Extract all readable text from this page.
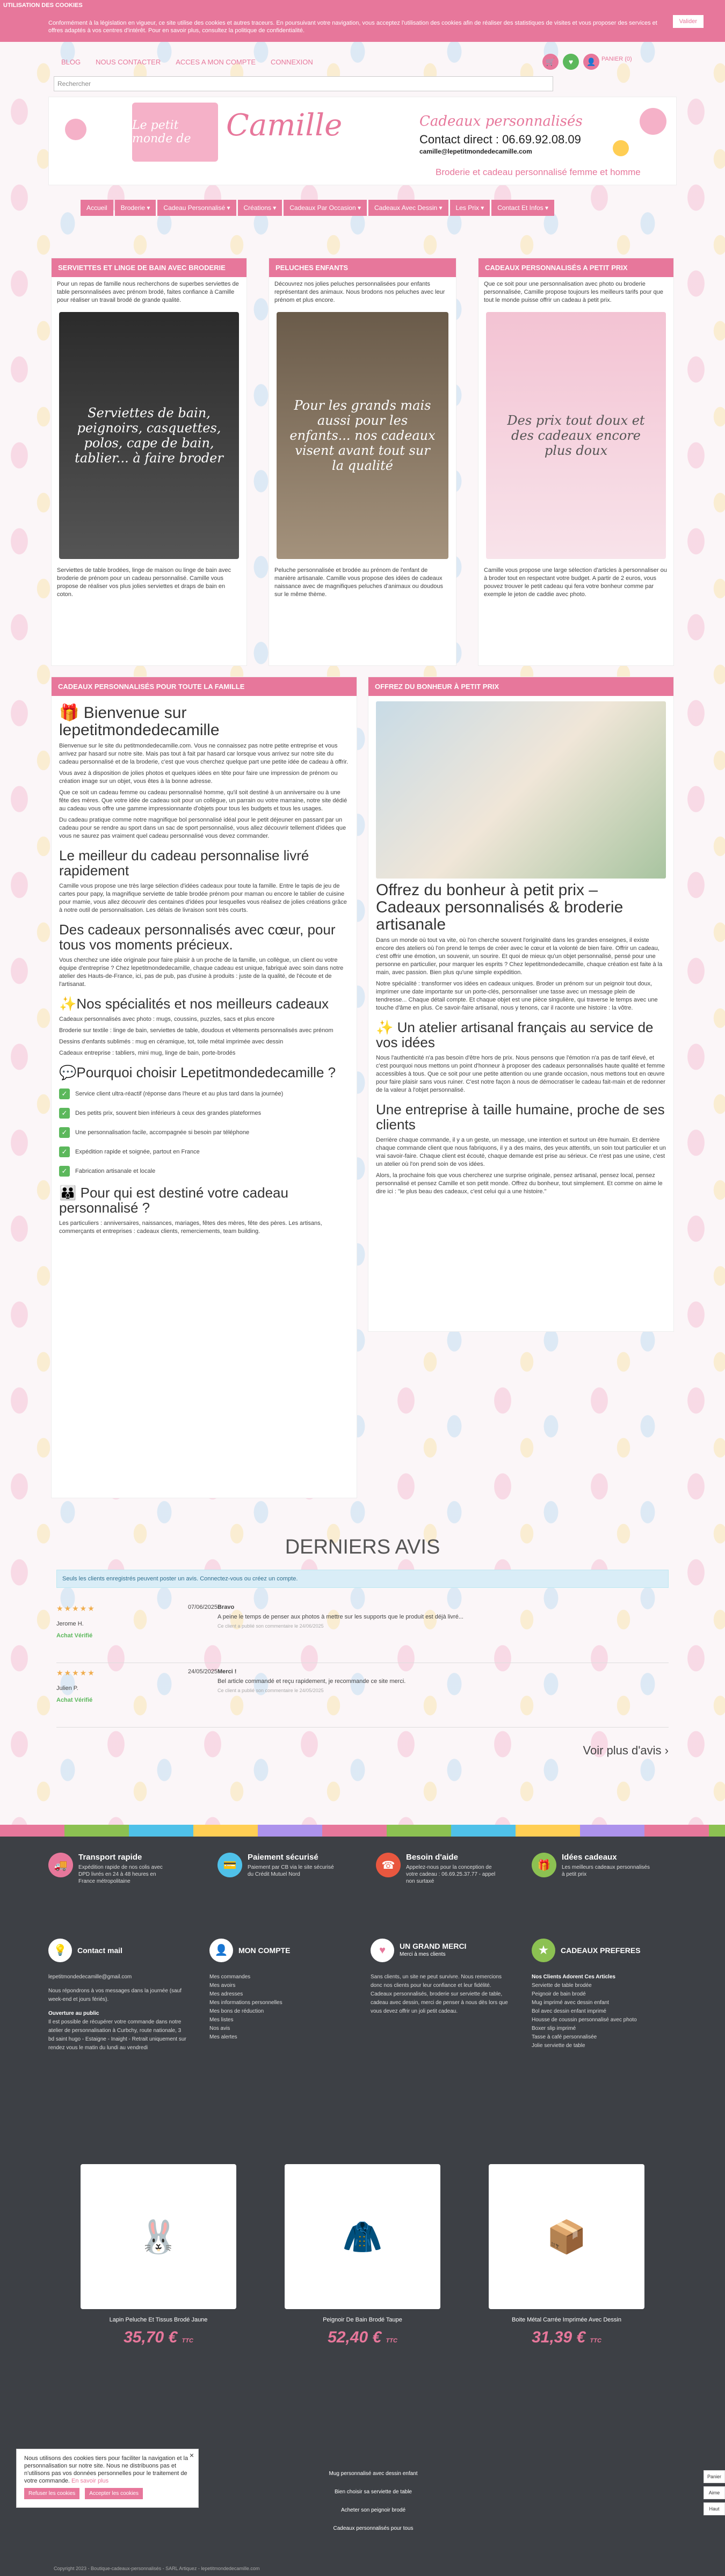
UTILISATION DES COOKIES

Conformément à la législation en vigueur, ce site utilise des cookies et autres traceurs. En poursuivant votre navigation, vous acceptez l'utilisation des cookies afin de réaliser des statistiques de visites et vous proposer des services et offres adaptés à vos centres d'intérêt. Pour en savoir plus, consultez la politique de confidentialité.

Valider
BLOG	NOUS CONTACTER	ACCES A MON COMPTE	CONNEXION	🛒	♥	👤 PANIER (0)
Rechercher
Le petit monde de	Camille	Cadeaux personnalisés
Contact direct : 06.69.92.08.09
camille@lepetitmondedecamille.com
Broderie et cadeau personnalisé femme et homme
Accueil	Broderie ▾	Cadeau Personnalisé ▾	Créations ▾	Cadeaux Par Occasion ▾	Cadeaux Avec Dessin ▾	Les Prix ▾	Contact Et Infos ▾
SERVIETTES ET LINGE DE BAIN AVEC BRODERIE

Pour un repas de famille nous recherchons de superbes serviettes de table personnalisées avec prénom brodé, faites confiance à Camille pour réaliser un travail brodé de grande qualité.

Serviettes de bain, peignoirs, casquettes, polos, cape de bain, tablier... à faire broder

Serviettes de table brodées, linge de maison ou linge de bain avec broderie de prénom pour un cadeau personnalisé. Camille vous propose de réaliser vos plus jolies serviettes et draps de bain en coton.

PELUCHES ENFANTS

Découvrez nos jolies peluches personnalisées pour enfants représentant des animaux. Nous brodons nos peluches avec leur prénom et plus encore.

Pour les grands mais aussi pour les enfants... nos cadeaux visent avant tout sur la qualité

Peluche personnalisée et brodée au prénom de l'enfant de manière artisanale. Camille vous propose des idées de cadeaux naissance avec de magnifiques peluches d'animaux ou doudous sur le même thème.

CADEAUX PERSONNALISÉS A PETIT PRIX

Que ce soit pour une personnalisation avec photo ou broderie personnalisée, Camille propose toujours les meilleurs tarifs pour que tout le monde puisse offrir un cadeau à petit prix.

Des prix tout doux et des cadeaux encore plus doux

Camille vous propose une large sélection d'articles à personnaliser ou à broder tout en respectant votre budget. A partir de 2 euros, vous pouvez trouver le petit cadeau qui fera votre bonheur comme par exemple le jeton de caddie avec photo.

CADEAUX PERSONNALISÉS POUR TOUTE LA FAMILLE
🎁 Bienvenue sur lepetitmondedecamille

Bienvenue sur le site du petitmondedecamille.com. Vous ne connaissez pas notre petite entreprise et vous arrivez par hasard sur notre site. Mais pas tout à fait par hasard car lorsque vous arrivez sur notre site du cadeau personnalisé et de la broderie, c'est que vous cherchez quelque part une petite idée de cadeau à offrir.

Vous avez à disposition de jolies photos et quelques idées en tête pour faire une impression de prénom ou création image sur un objet, vous êtes à la bonne adresse.

Que ce soit un cadeau femme ou cadeau personnalisé homme, qu'il soit destiné à un anniversaire ou à une fête des mères. Que votre idée de cadeau soit pour un collègue, un parrain ou votre marraine, notre site dédié au cadeau vous offre une gamme impressionnante d'objets pour tous les budgets et tous les usages.

Du cadeau pratique comme notre magnifique bol personnalisé idéal pour le petit déjeuner en passant par un cadeau pour se rendre au sport dans un sac de sport personnalisé, vous allez découvrir tellement d'idées que vous ne saurez pas vraiment quel cadeau personnalisé vous devez commander.

Le meilleur du cadeau personnalise livré rapidement

Camille vous propose une très large sélection d'idées cadeaux pour toute la famille. Entre le tapis de jeu de cartes pour papy, la magnifique serviette de table brodée prénom pour maman ou encore le tablier de cuisine pour mamie, vous allez découvrir des centaines d'idées pour lesquelles vous réalisez de jolies créations grâce à notre outil de personnalisation. Les délais de livraison sont très courts.

Des cadeaux personnalisés avec cœur, pour tous vos moments précieux.

Vous cherchez une idée originale pour faire plaisir à un proche de la famille, un collègue, un client ou votre équipe d'entreprise ? Chez lepetitmondedecamille, chaque cadeau est unique, fabriqué avec soin dans notre atelier des Hauts-de-France, ici, pas de pub, pas d'usine à produits : juste de la qualité, de l'écoute et de l'artisanat.

✨Nos spécialités et nos meilleurs cadeaux

Cadeaux personnalisés avec photo : mugs, coussins, puzzles, sacs et plus encore

Broderie sur textile : linge de bain, serviettes de table, doudous et vêtements personnalisés avec prénom

Dessins d'enfants sublimés : mug en céramique, tot, toile métal imprimée avec dessin

Cadeaux entreprise : tabliers, mini mug, linge de bain, porte-brodés

💬Pourquoi choisir Lepetitmondedecamille ?
✓	Service client ultra-réactif (réponse dans l'heure et au plus tard dans la journée)
✓	Des petits prix, souvent bien inférieurs à ceux des grandes plateformes
✓	Une personnalisation facile, accompagnée si besoin par téléphone
✓	Expédition rapide et soignée, partout en France
✓	Fabrication artisanale et locale
👪 Pour qui est destiné votre cadeau personnalisé ?

Les particuliers : anniversaires, naissances, mariages, fêtes des mères, fête des pères. Les artisans, commerçants et entreprises : cadeaux clients, remerciements, team building.

OFFREZ DU BONHEUR À PETIT PRIX
Offrez du bonheur à petit prix – Cadeaux personnalisés & broderie artisanale

Dans un monde où tout va vite, où l'on cherche souvent l'originalité dans les grandes enseignes, il existe encore des ateliers où l'on prend le temps de créer avec le cœur et la volonté de bien faire. Offrir un cadeau, c'est offrir une émotion, un souvenir, un sourire. Et quoi de mieux qu'un objet personnalisé, pensé pour une personne en particulier, pour marquer les esprits ? Chez lepetitmondedecamille, chaque création est faite à la main, avec passion. Bien plus qu'une simple expédition.

Notre spécialité : transformer vos idées en cadeaux uniques. Broder un prénom sur un peignoir tout doux, imprimer une date importante sur un porte-clés, personnaliser une tasse avec un message plein de tendresse... Chaque détail compte. Et chaque objet est une pièce singulière, qui traverse le temps avec une touche d'âme en plus. Ce savoir-faire artisanal, nous y tenons, car il raconte une histoire : la vôtre.

✨ Un atelier artisanal français au service de vos idées

Nous l'authenticité n'a pas besoin d'être hors de prix. Nous pensons que l'émotion n'a pas de tarif élevé, et c'est pourquoi nous mettons un point d'honneur à proposer des cadeaux personnalisés haute qualité et femme accessibles à tous. Que ce soit pour une petite attention ou une grande occasion, nous mettons tout en œuvre pour faire plaisir sans vous ruiner. C'est notre façon à nous de démocratiser le cadeau fait-main et de redonner de la valeur à l'objet personnalisé.

Une entreprise à taille humaine, proche de ses clients

Derrière chaque commande, il y a un geste, un message, une intention et surtout un être humain. Et derrière chaque commande client que nous fabriquons, il y a des mains, des yeux attentifs, un soin tout particulier et un vrai savoir-faire. Chaque client est écouté, chaque demande est prise au sérieux. Ce n'est pas une usine, c'est un atelier où l'on prend soin de vos idées.

Alors, la prochaine fois que vous chercherez une surprise originale, pensez artisanal, pensez local, pensez personnalisé et pensez Camille et son petit monde. Offrez du bonheur, tout simplement. Et comme on aime le dire ici : "le plus beau des cadeaux, c'est celui qui a une histoire."

DERNIERS AVIS
Seuls les clients enregistrés peuvent poster un avis. Connectez-vous ou créez un compte.
★★★★★	07/06/2025
Jerome H.
Achat Vérifié
Bravo

A peine le temps de penser aux photos à mettre sur les supports que le produit est déjà livré...

Ce client a publié son commentaire le 24/06/2025

★★★★★	24/05/2025
Julien P.
Achat Vérifié
Merci !

Bel article commandé et reçu rapidement, je recommande ce site merci.

Ce client a publié son commentaire le 24/05/2025

Voir plus d'avis ›
🚚
Transport rapide

Expédition rapide de nos colis avec DPD livrés en 24 à 48 heures en France métropolitaine

💳
Paiement sécurisé

Paiement par CB via le site sécurisé du Crédit Mutuel Nord

☎
Besoin d'aide

Appelez-nous pour la conception de votre cadeau : 06.69.25.37.77 - appel non surtaxé

🎁
Idées cadeaux

Les meilleurs cadeaux personnalisés à petit prix

💡	Contact mail
lepetitmondedecamille@gmail.com
Nous répondrons à vos messages dans la journée (sauf week-end et jours fériés).
Ouverture au public
Il est possible de récupérer votre commande dans notre atelier de personnalisation à Curbchy, route nationale, 3 bd saint hugo - Estaigne - Inaight - Retrait uniquement sur rendez vous le matin du lundi au vendredi
👤	MON COMPTE
Mes commandes
Mes avoirs
Mes adresses
Mes informations personnelles
Mes bons de réduction
Mes listes
Nos avis
Mes alertes
♥	UN GRAND MERCI
Merci à mes clients
Sans clients, un site ne peut survivre. Nous remercions donc nos clients pour leur confiance et leur fidélité. Cadeaux personnalisés, broderie sur serviette de table, cadeau avec dessin, merci de penser à nous dès lors que vous devez offrir un joli petit cadeau.
★	CADEAUX PREFERES
Nos Clients Adorent Ces Articles
Serviette de table brodée
Peignoir de bain brodé
Mug imprimé avec dessin enfant
Bol avec dessin enfant imprimé
Housse de coussin personnalisé avec photo
Boxer slip imprimé
Tasse à café personnalisée
Jolie serviette de table
🐰
Lapin Peluche Et Tissus Brodé Jaune
35,70 € TTC
🧥
Peignoir De Bain Brodé Taupe
52,40 € TTC
📦
Boite Métal Carrée Imprimée Avec Dessin
31,39 € TTC
Mug personnalisé avec dessin enfant
Bien choisir sa serviette de table
Acheter son peignoir brodé
Cadeaux personnalisés pour tous
×
Nous utilisons des cookies tiers pour faciliter la navigation et la personnalisation sur notre site. Nous ne distribuons pas et n'utilisons pas vos données personnelles pour le traitement de votre commande. En savoir plus
Refuser les cookies	Accepter les cookies
Panier
Aime
Haut
Copyright 2023 - Boutique-cadeaux-personnalisés - SARL Artiquez - lepetitmondedecamille.com
